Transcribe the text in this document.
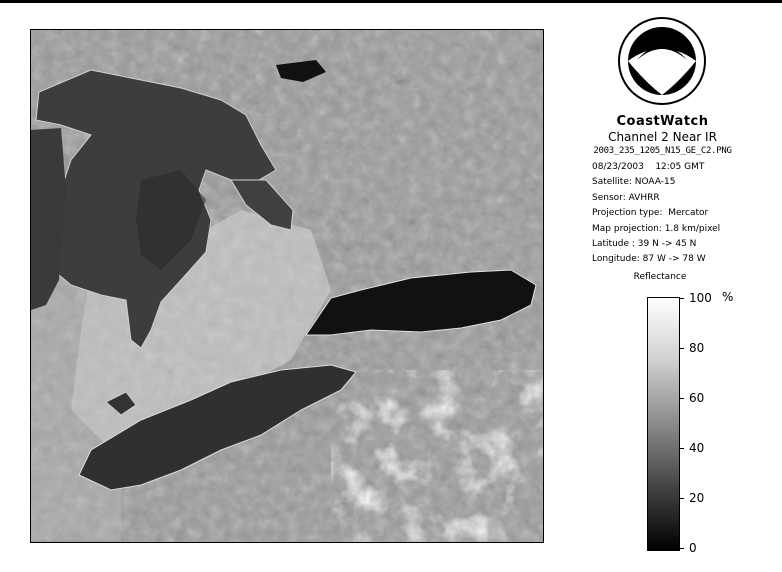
NOAA
CoastWatch
Channel 2 Near IR
2003_235_1205_N15_GE_C2.PNG
08/23/2003    12:05 GMT
Satellite: NOAA-15
Sensor: AVHRR
Projection type:  Mercator
Map projection: 1.8 km/pixel
Latitude : 39 N -> 45 N
Longitude: 87 W -> 78 W
Reflectance
%
100
80
60
40
20
0
